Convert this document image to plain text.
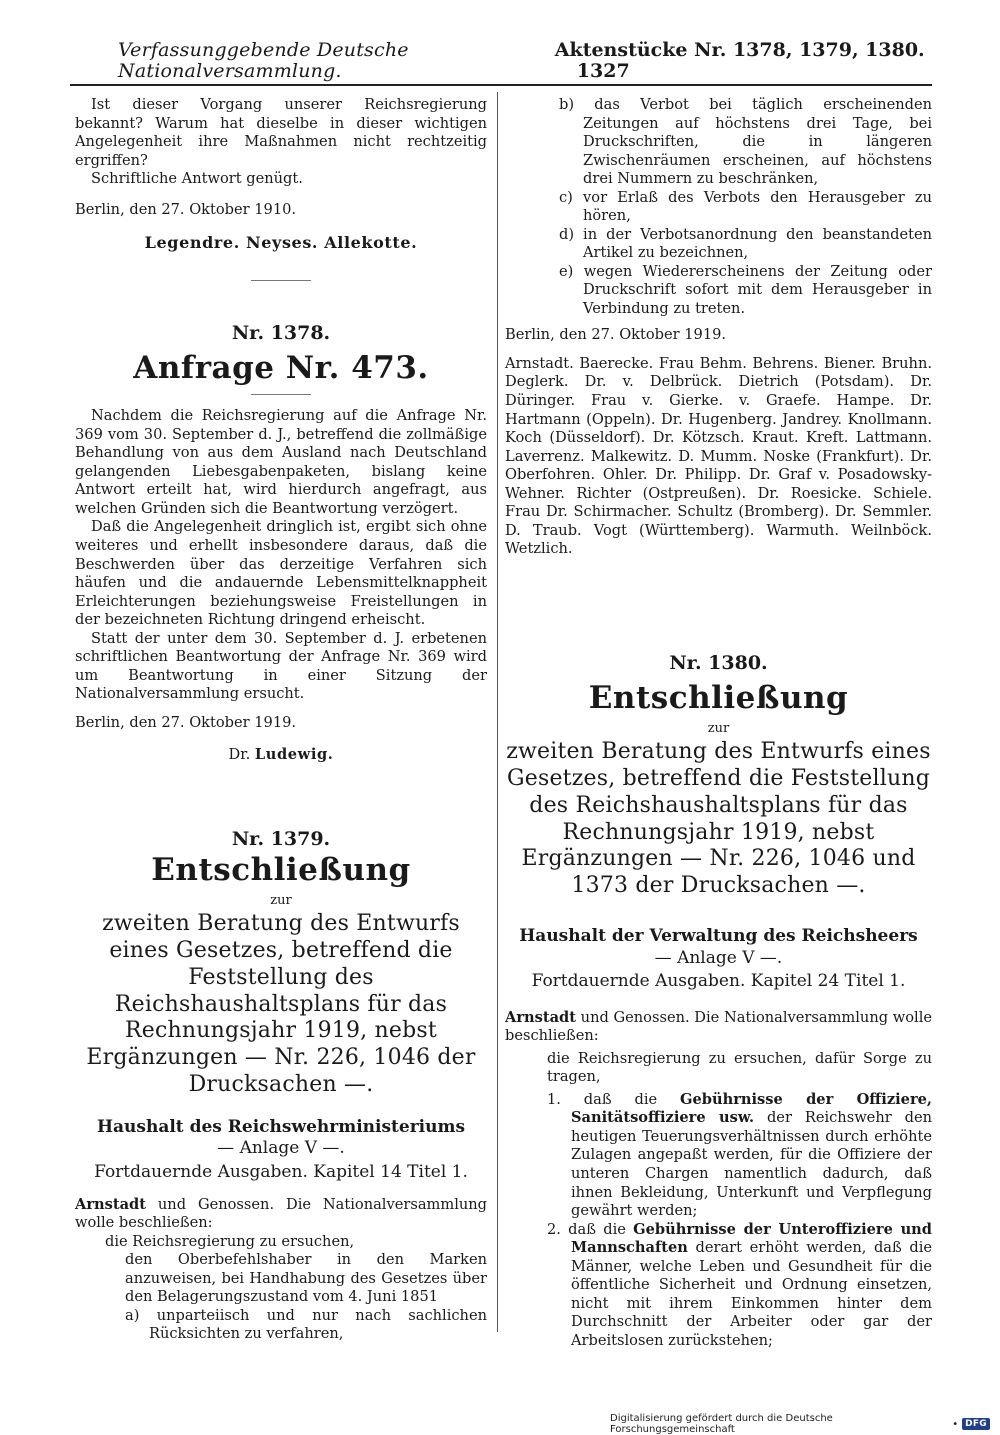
Verfassunggebende Deutsche Nationalversammlung.
Aktenstücke Nr. 1378, 1379, 1380. 1327

Ist dieser Vorgang unserer Reichsregierung bekannt? Warum hat dieselbe in dieser wichtigen Angelegenheit ihre Maßnahmen nicht rechtzeitig ergriffen?

Schriftliche Antwort genügt.

Berlin, den 27. Oktober 1910.

Legendre. Neyses. Allekotte.

Nr. 1378.

Anfrage Nr. 473.

Nachdem die Reichsregierung auf die Anfrage Nr. 369 vom 30. September d. J., betreffend die zollmäßige Behandlung von aus dem Ausland nach Deutschland gelangenden Liebesgabenpaketen, bislang keine Antwort erteilt hat, wird hierdurch angefragt, aus welchen Gründen sich die Beantwortung verzögert.

Daß die Angelegenheit dringlich ist, ergibt sich ohne weiteres und erhellt insbesondere daraus, daß die Beschwerden über das derzeitige Verfahren sich häufen und die andauernde Lebensmittelknappheit Erleichterungen beziehungsweise Freistellungen in der bezeichneten Richtung dringend erheischt.

Statt der unter dem 30. September d. J. erbetenen schriftlichen Beantwortung der Anfrage Nr. 369 wird um Beantwortung in einer Sitzung der Nationalversammlung ersucht.

Berlin, den 27. Oktober 1919.

Dr. Ludewig.

Nr. 1379.

Entschließung

zur

zweiten Beratung des Entwurfs eines Gesetzes, betreffend die Feststellung des Reichshaushaltsplans für das Rechnungsjahr 1919, nebst Ergänzungen — Nr. 226, 1046 der Drucksachen —.

Haushalt des Reichswehrministeriums

— Anlage V —.

Fortdauernde Ausgaben. Kapitel 14 Titel 1.

Arnstadt und Genossen. Die Nationalversammlung wolle beschließen:

die Reichsregierung zu ersuchen,

den Oberbefehlshaber in den Marken anzuweisen, bei Handhabung des Gesetzes über den Belagerungszustand vom 4. Juni 1851

a) unparteiisch und nur nach sachlichen Rücksichten zu verfahren,

b) das Verbot bei täglich erscheinenden Zeitungen auf höchstens drei Tage, bei Druckschriften, die in längeren Zwischenräumen erscheinen, auf höchstens drei Nummern zu beschränken,

c) vor Erlaß des Verbots den Herausgeber zu hören,

d) in der Verbotsanordnung den beanstandeten Artikel zu bezeichnen,

e) wegen Wiedererscheinens der Zeitung oder Druckschrift sofort mit dem Herausgeber in Verbindung zu treten.

Berlin, den 27. Oktober 1919.

Arnstadt. Baerecke. Frau Behm. Behrens. Biener. Bruhn. Deglerk. Dr. v. Delbrück. Dietrich (Potsdam). Dr. Düringer. Frau v. Gierke. v. Graefe. Hampe. Dr. Hartmann (Oppeln). Dr. Hugenberg. Jandrey. Knollmann. Koch (Düsseldorf). Dr. Kötzsch. Kraut. Kreft. Lattmann. Laverrenz. Malkewitz. D. Mumm. Noske (Frankfurt). Dr. Oberfohren. Ohler. Dr. Philipp. Dr. Graf v. Posadowsky-Wehner. Richter (Ostpreußen). Dr. Roesicke. Schiele. Frau Dr. Schirmacher. Schultz (Bromberg). Dr. Semmler. D. Traub. Vogt (Württemberg). Warmuth. Weilnböck. Wetzlich.

Nr. 1380.

Entschließung

zur

zweiten Beratung des Entwurfs eines Gesetzes, betreffend die Feststellung des Reichshaushaltsplans für das Rechnungsjahr 1919, nebst Ergänzungen — Nr. 226, 1046 und 1373 der Drucksachen —.

Haushalt der Verwaltung des Reichsheers

— Anlage V —.

Fortdauernde Ausgaben. Kapitel 24 Titel 1.

Arnstadt und Genossen. Die Nationalversammlung wolle beschließen:

die Reichsregierung zu ersuchen, dafür Sorge zu tragen,

1. daß die Gebührnisse der Offiziere, Sanitätsoffiziere usw. der Reichswehr den heutigen Teuerungsverhältnissen durch erhöhte Zulagen angepaßt werden, für die Offiziere der unteren Chargen namentlich dadurch, daß ihnen Bekleidung, Unterkunft und Verpflegung gewährt werden;

2. daß die Gebührnisse der Unteroffiziere und Mannschaften derart erhöht werden, daß die Männer, welche Leben und Gesundheit für die öffentliche Sicherheit und Ordnung einsetzen, nicht mit ihrem Einkommen hinter dem Durchschnitt der Arbeiter oder gar der Arbeitslosen zurückstehen;

Digitalisierung gefördert durch die Deutsche Forschungsgemeinschaft	• DFG
